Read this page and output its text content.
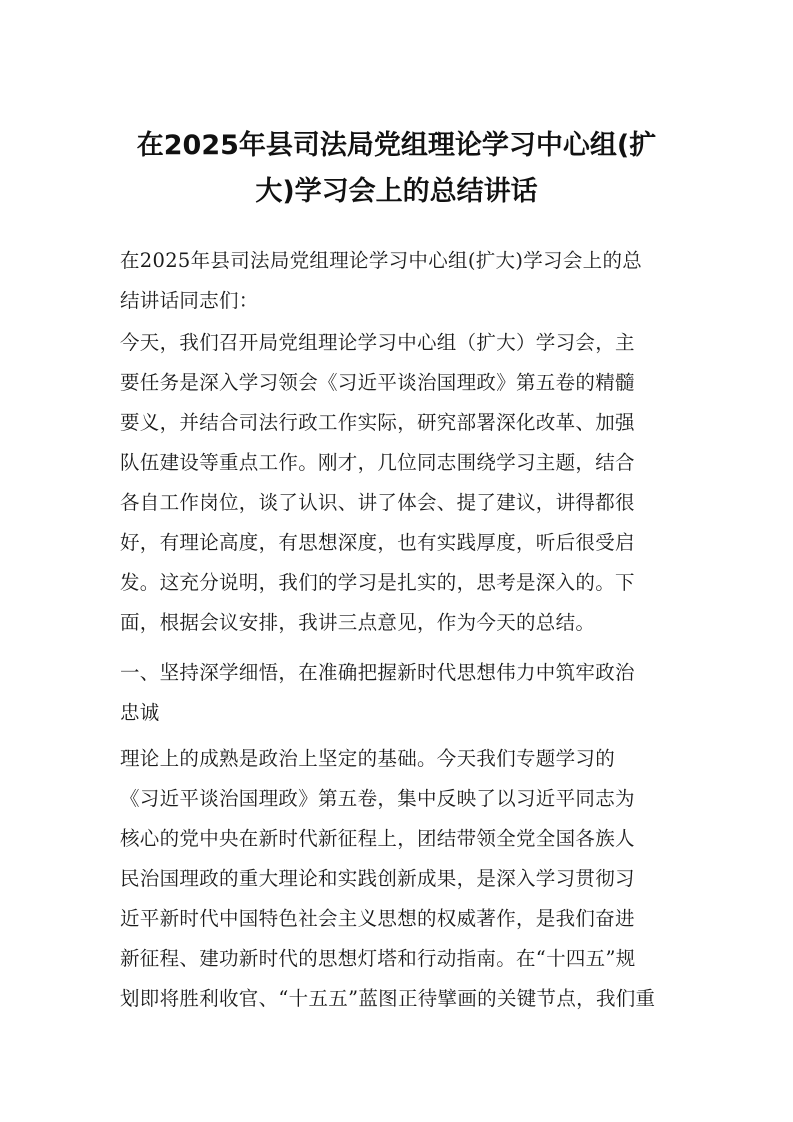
在2025年县司法局党组理论学习中心组(扩
大)学习会上的总结讲话
在2025年县司法局党组理论学习中心组(扩大)学习会上的总
结讲话同志们：
今天，我们召开局党组理论学习中心组（扩大）学习会，主
要任务是深入学习领会《习近平谈治国理政》第五卷的精髓
要义，并结合司法行政工作实际，研究部署深化改革、加强
队伍建设等重点工作。刚才，几位同志围绕学习主题，结合
各自工作岗位，谈了认识、讲了体会、提了建议，讲得都很
好，有理论高度，有思想深度，也有实践厚度，听后很受启
发。这充分说明，我们的学习是扎实的，思考是深入的。下
面，根据会议安排，我讲三点意见，作为今天的总结。
一、坚持深学细悟，在准确把握新时代思想伟力中筑牢政治
忠诚
理论上的成熟是政治上坚定的基础。今天我们专题学习的
《习近平谈治国理政》第五卷，集中反映了以习近平同志为
核心的党中央在新时代新征程上，团结带领全党全国各族人
民治国理政的重大理论和实践创新成果，是深入学习贯彻习
近平新时代中国特色社会主义思想的权威著作，是我们奋进
新征程、建功新时代的思想灯塔和行动指南。在“十四五”规
划即将胜利收官、“十五五”蓝图正待擘画的关键节点，我们重
